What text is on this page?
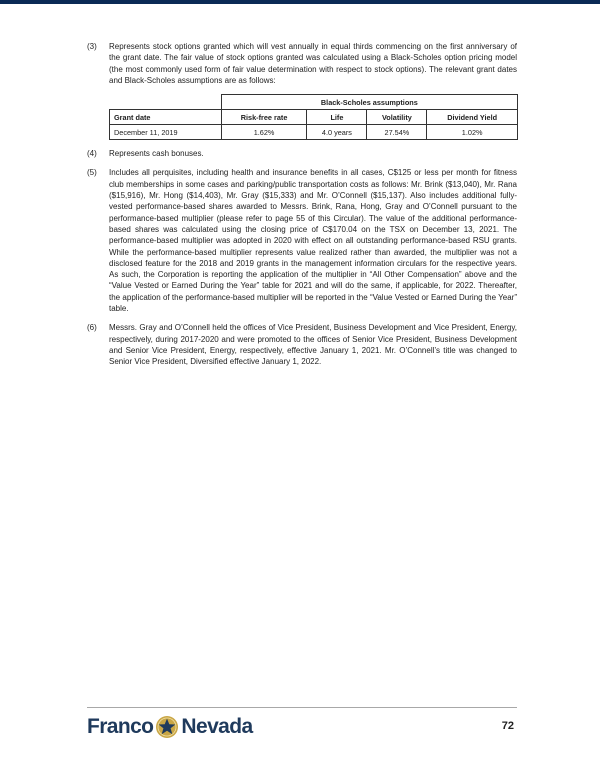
(3)	Represents stock options granted which will vest annually in equal thirds commencing on the first anniversary of the grant date. The fair value of stock options granted was calculated using a Black-Scholes option pricing model (the most commonly used form of fair value determination with respect to stock options). The relevant grant dates and Black-Scholes assumptions are as follows:
	Black-Scholes assumptions			
Grant date	Risk-free rate	Life	Volatility	Dividend Yield
December 11, 2019	1.62%	4.0 years	27.54%	1.02%
(4)	Represents cash bonuses.
(5)	Includes all perquisites, including health and insurance benefits in all cases, C$125 or less per month for fitness club memberships in some cases and parking/public transportation costs as follows: Mr. Brink ($13,040), Mr. Rana ($15,916), Mr. Hong ($14,403), Mr. Gray ($15,333) and Mr. O’Connell ($15,137). Also includes additional fully-vested performance-based shares awarded to Messrs. Brink, Rana, Hong, Gray and O’Connell pursuant to the performance-based multiplier (please refer to page 55 of this Circular). The value of the additional performance-based shares was calculated using the closing price of C$170.04 on the TSX on December 13, 2021. The performance-based multiplier was adopted in 2020 with effect on all outstanding performance-based RSU grants. While the performance-based multiplier represents value realized rather than awarded, the multiplier was not a disclosed feature for the 2018 and 2019 grants in the management information circulars for the respective years. As such, the Corporation is reporting the application of the multiplier in “All Other Compensation” above and the “Value Vested or Earned During the Year” table for 2021 and will do the same, if applicable, for 2022. Thereafter, the application of the performance-based multiplier will be reported in the “Value Vested or Earned During the Year” table.
(6)	Messrs. Gray and O’Connell held the offices of Vice President, Business Development and Vice President, Energy, respectively, during 2017-2020 and were promoted to the offices of Senior Vice President, Business Development and Senior Vice President, Energy, respectively, effective January 1, 2021. Mr. O’Connell’s title was changed to Senior Vice President, Diversified effective January 1, 2022.
Franco Nevada	72
